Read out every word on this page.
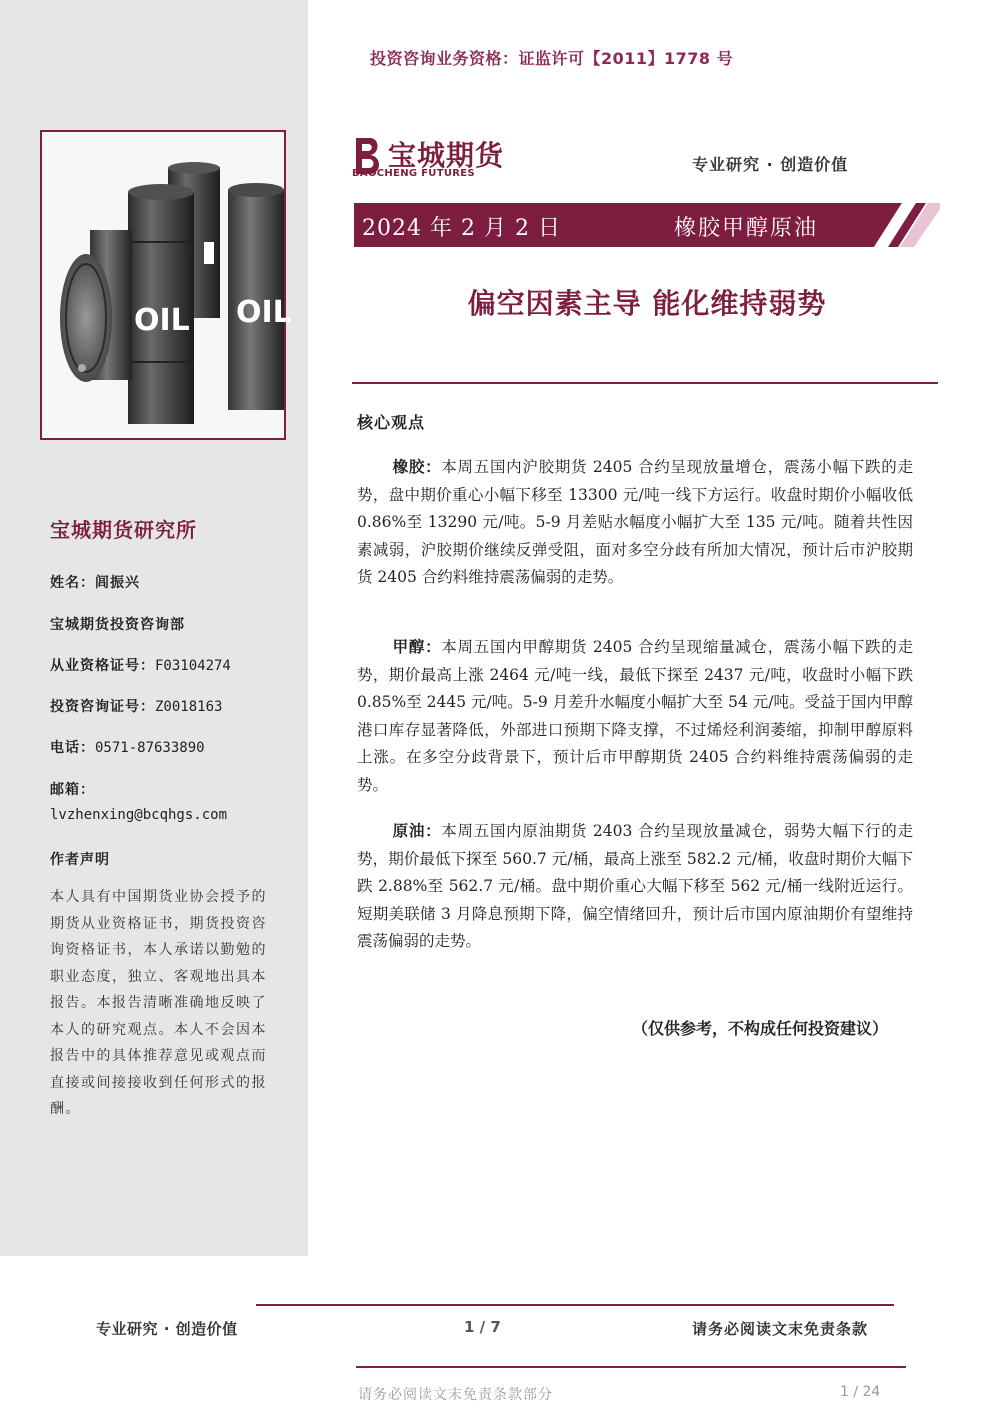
投资咨询业务资格：证监许可【2011】1778 号
OIL OIL
宝城期货
BAOCHENG FUTURES	专业研究 · 创造价值
2024 年 2 月 2 日	橡胶甲醇原油
偏空因素主导 能化维持弱势
核心观点
橡胶：本周五国内沪胶期货 2405 合约呈现放量增仓，震荡小幅下跌的走势，盘中期价重心小幅下移至 13300 元/吨一线下方运行。收盘时期价小幅收低 0.86%至 13290 元/吨。5-9 月差贴水幅度小幅扩大至 135 元/吨。随着共性因素减弱，沪胶期价继续反弹受阻，面对多空分歧有所加大情况，预计后市沪胶期货 2405 合约料维持震荡偏弱的走势。
甲醇：本周五国内甲醇期货 2405 合约呈现缩量减仓，震荡小幅下跌的走势，期价最高上涨 2464 元/吨一线，最低下探至 2437 元/吨，收盘时小幅下跌 0.85%至 2445 元/吨。5-9 月差升水幅度小幅扩大至 54 元/吨。受益于国内甲醇港口库存显著降低，外部进口预期下降支撑，不过烯烃利润萎缩，抑制甲醇原料上涨。在多空分歧背景下，预计后市甲醇期货 2405 合约料维持震荡偏弱的走势。
原油：本周五国内原油期货 2403 合约呈现放量减仓，弱势大幅下行的走势，期价最低下探至 560.7 元/桶，最高上涨至 582.2 元/桶，收盘时期价大幅下跌 2.88%至 562.7 元/桶。盘中期价重心大幅下移至 562 元/桶一线附近运行。短期美联储 3 月降息预期下降，偏空情绪回升，预计后市国内原油期价有望维持震荡偏弱的走势。
（仅供参考，不构成任何投资建议）
宝城期货研究所
姓名：闾振兴
宝城期货投资咨询部
从业资格证号：F03104274
投资咨询证号：Z0018163
电话：0571-87633890
邮箱：
lvzhenxing@bcqhgs.com
作者声明
本人具有中国期货业协会授予的期货从业资格证书，期货投资咨询资格证书，本人承诺以勤勉的职业态度，独立、客观地出具本报告。本报告清晰准确地反映了本人的研究观点。本人不会因本报告中的具体推荐意见或观点而直接或间接接收到任何形式的报酬。
专业研究 · 创造价值	1 / 7	请务必阅读文末免责条款
请务必阅读文末免责条款部分	1 / 24
